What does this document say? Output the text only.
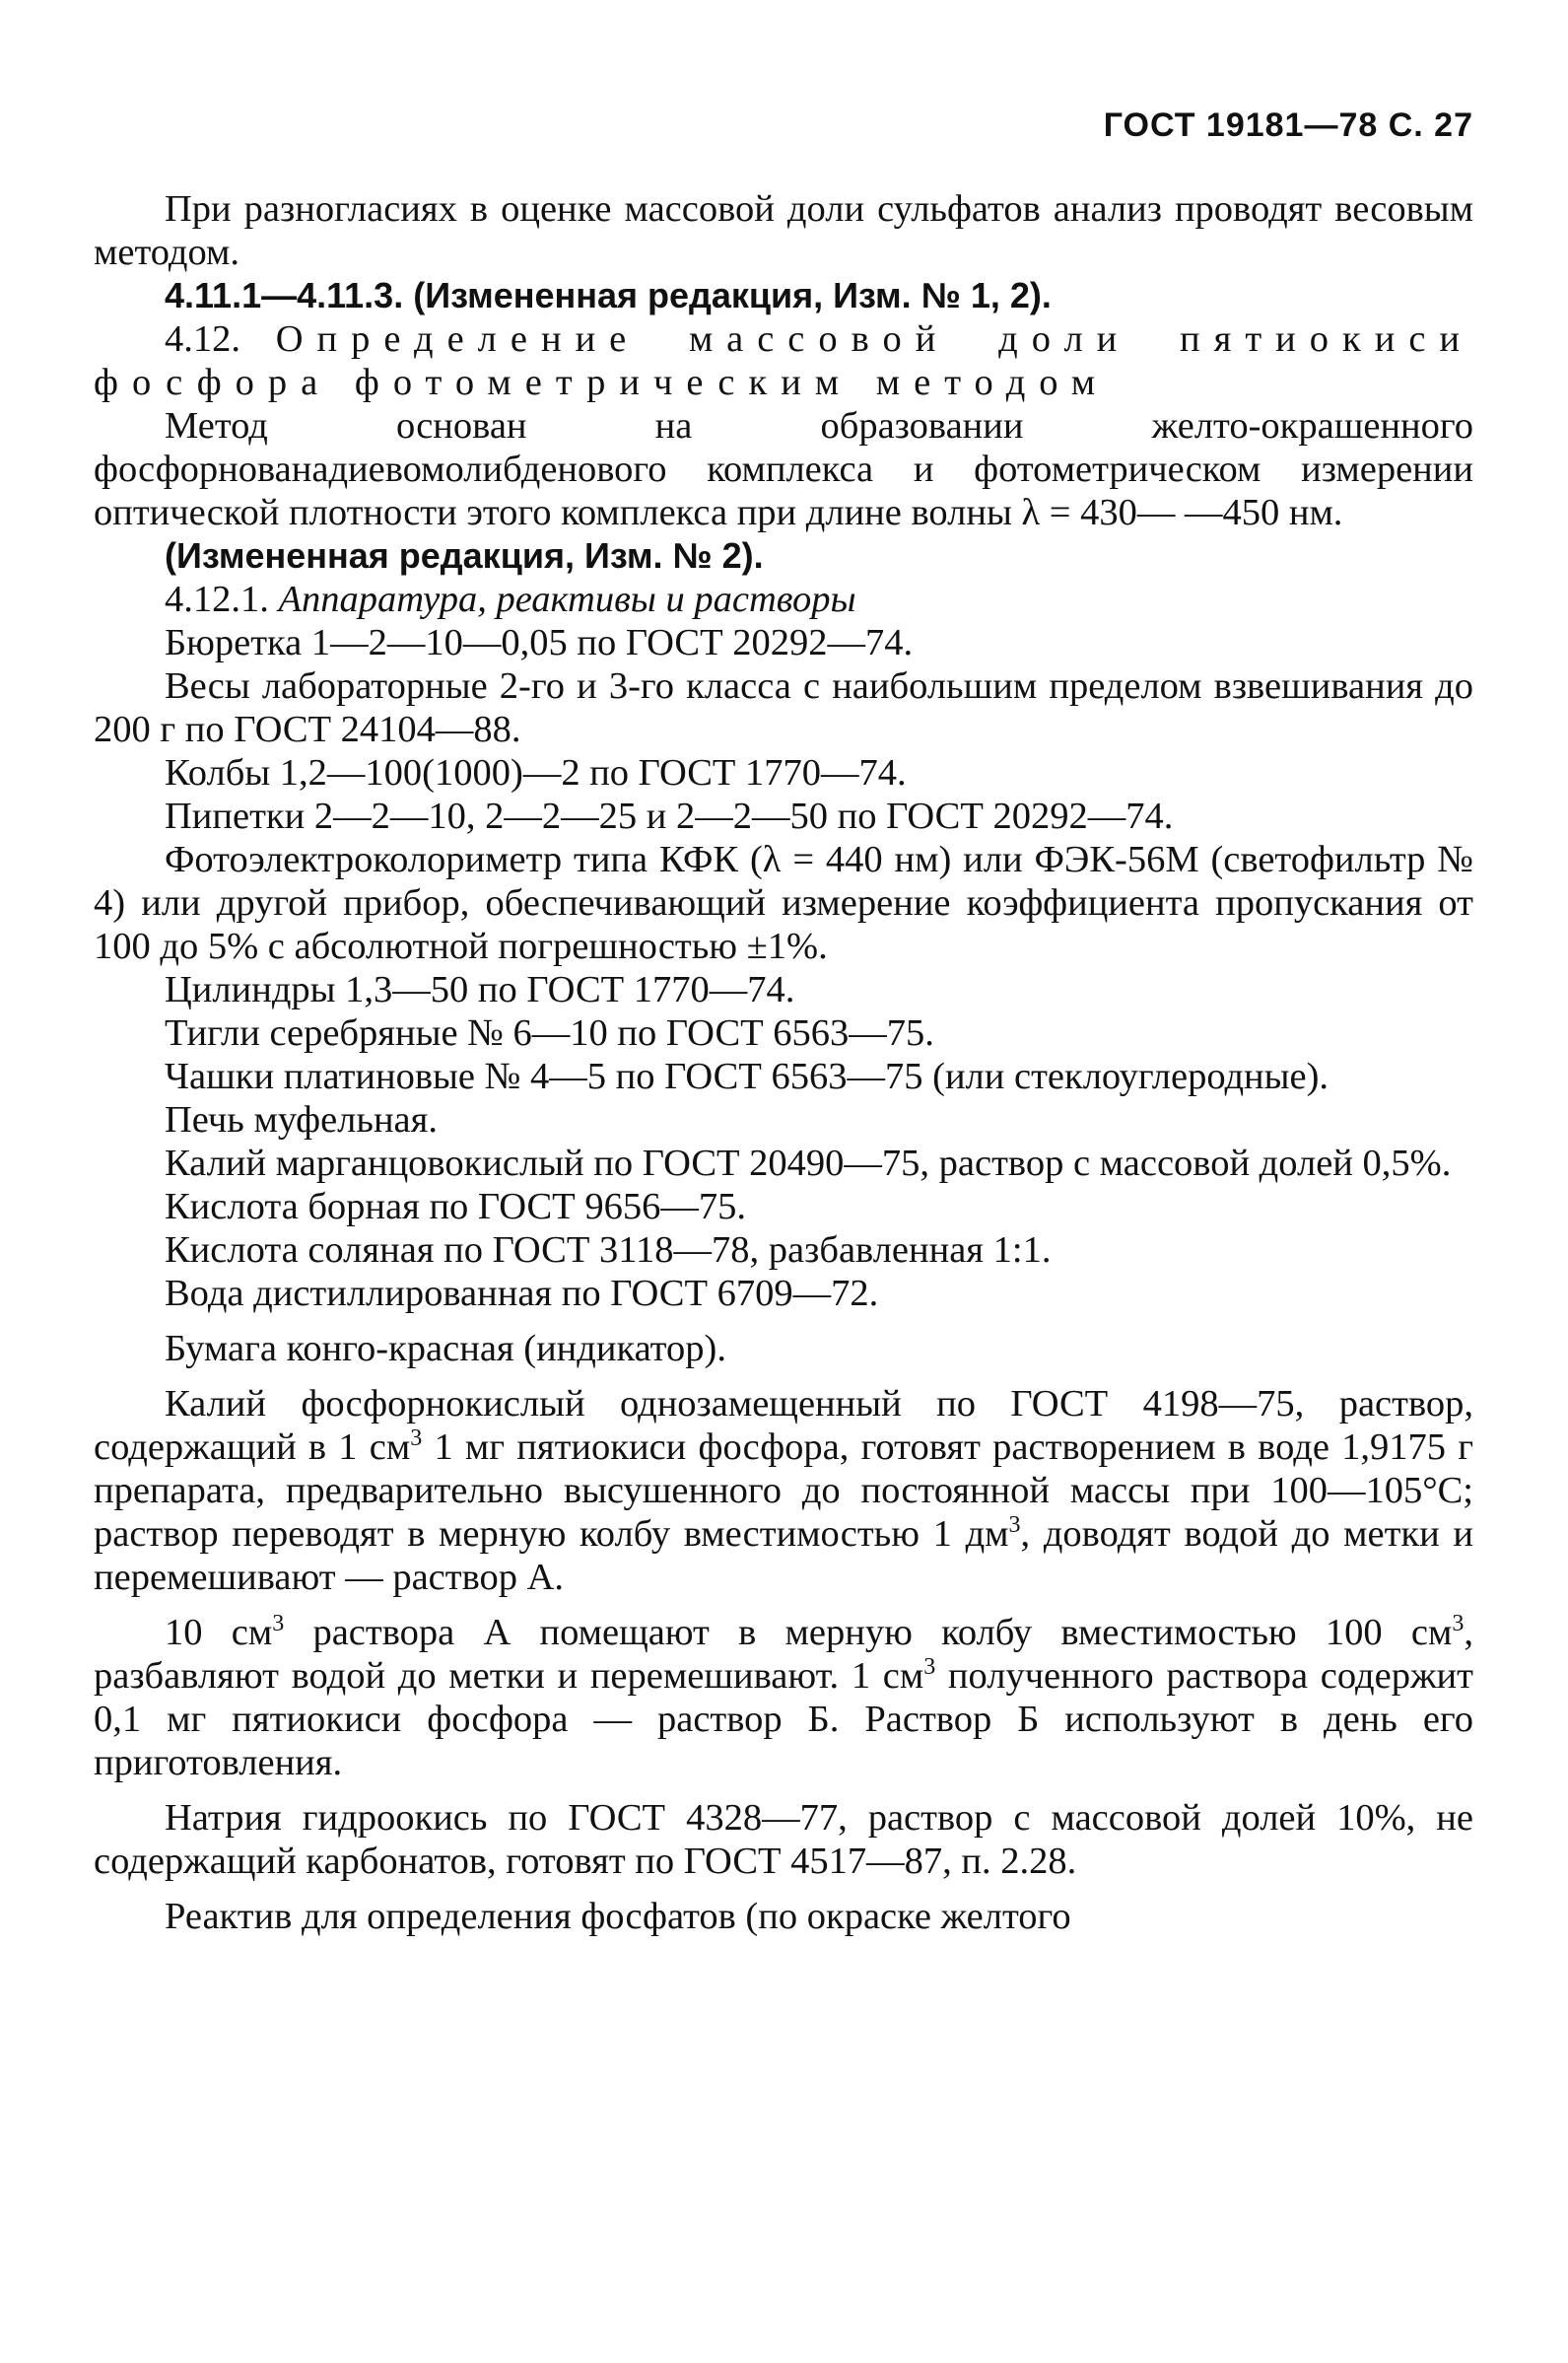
ГОСТ 19181—78 С. 27

При разногласиях в оценке массовой доли сульфатов анализ проводят весовым методом.

4.11.1—4.11.3. (Измененная редакция, Изм. № 1, 2).

4.12. Определение массовой доли пятиокиси фосфора фотометрическим методом

Метод основан на образовании желто-окрашенного фосфорнованадиевомолибденового комплекса и фотометрическом измерении оптической плотности этого комплекса при длине волны λ = 430— —450 нм.

(Измененная редакция, Изм. № 2).

4.12.1. Аппаратура, реактивы и растворы

Бюретка 1—2—10—0,05 по ГОСТ 20292—74.

Весы лабораторные 2-го и 3-го класса с наибольшим пределом взвешивания до 200 г по ГОСТ 24104—88.

Колбы 1,2—100(1000)—2 по ГОСТ 1770—74.

Пипетки 2—2—10, 2—2—25 и 2—2—50 по ГОСТ 20292—74.

Фотоэлектроколориметр типа КФК (λ = 440 нм) или ФЭК-56М (светофильтр № 4) или другой прибор, обеспечивающий измерение коэффициента пропускания от 100 до 5% с абсолютной погрешностью ±1%.

Цилиндры 1,3—50 по ГОСТ 1770—74.

Тигли серебряные № 6—10 по ГОСТ 6563—75.

Чашки платиновые № 4—5 по ГОСТ 6563—75 (или стеклоуглеродные).

Печь муфельная.

Калий марганцовокислый по ГОСТ 20490—75, раствор с массовой долей 0,5%.

Кислота борная по ГОСТ 9656—75.

Кислота соляная по ГОСТ 3118—78, разбавленная 1:1.

Вода дистиллированная по ГОСТ 6709—72.

Бумага конго-красная (индикатор).

Калий фосфорнокислый однозамещенный по ГОСТ 4198—75, раствор, содержащий в 1 $см^3$ 1 мг пятиокиси фосфора, готовят растворением в воде 1,9175 г препарата, предварительно высушенного до постоянной массы при 100—105°С; раствор переводят в мерную колбу вместимостью 1 $дм^3$, доводят водой до метки и перемешивают — раствор А.

10 $см^3$ раствора А помещают в мерную колбу вместимостью 100 $см^3$, разбавляют водой до метки и перемешивают. 1 $см^3$ полученного раствора содержит 0,1 мг пятиокиси фосфора — раствор Б. Раствор Б используют в день его приготовления.

Натрия гидроокись по ГОСТ 4328—77, раствор с массовой долей 10%, не содержащий карбонатов, готовят по ГОСТ 4517—87, п. 2.28.

Реактив для определения фосфатов (по окраске желтого
